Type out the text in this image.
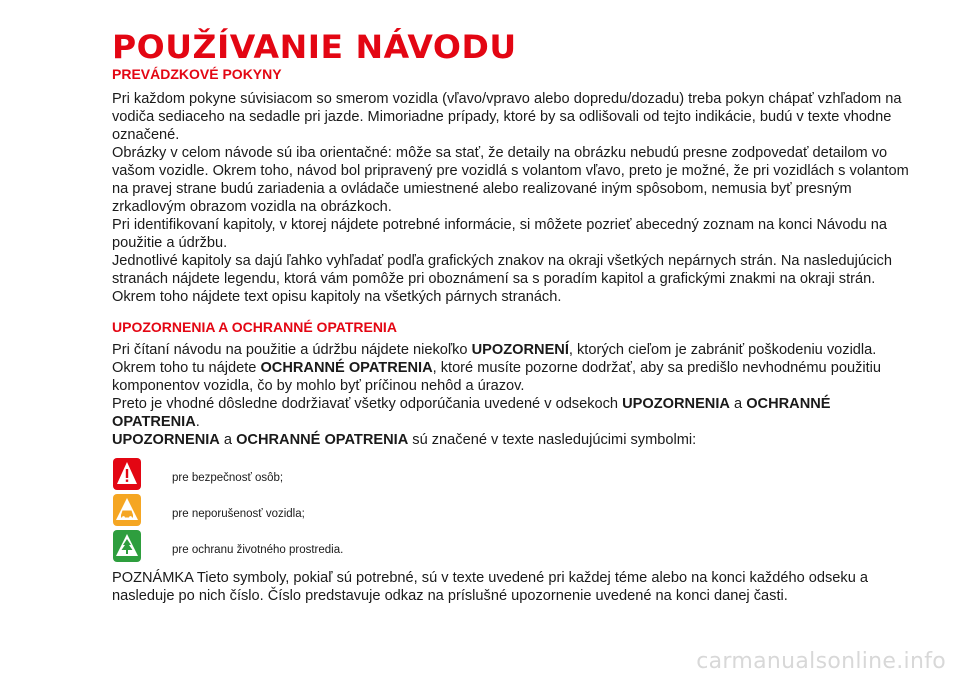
POUŽÍVANIE NÁVODU
PREVÁDZKOVÉ POKYNY

Pri každom pokyne súvisiacom so smerom vozidla (vľavo/vpravo alebo dopredu/dozadu) treba pokyn chápať vzhľadom na vodiča sediaceho na sedadle pri jazde. Mimoriadne prípady, ktoré by sa odlišovali od tejto indikácie, budú v texte vhodne označené.

Obrázky v celom návode sú iba orientačné: môže sa stať, že detaily na obrázku nebudú presne zodpovedať detailom vo vašom vozidle. Okrem toho, návod bol pripravený pre vozidlá s volantom vľavo, preto je možné, že pri vozidlách s volantom na pravej strane budú zariadenia a ovládače umiestnené alebo realizované iným spôsobom, nemusia byť presným zrkadlovým obrazom vozidla na obrázkoch.

Pri identifikovaní kapitoly, v ktorej nájdete potrebné informácie, si môžete pozrieť abecedný zoznam na konci Návodu na použitie a údržbu.

Jednotlivé kapitoly sa dajú ľahko vyhľadať podľa grafických znakov na okraji všetkých nepárnych strán. Na nasledujúcich stranách nájdete legendu, ktorá vám pomôže pri oboznámení sa s poradím kapitol a grafickými znakmi na okraji strán. Okrem toho nájdete text opisu kapitoly na všetkých párnych stranách.

UPOZORNENIA A OCHRANNÉ OPATRENIA

Pri čítaní návodu na použitie a údržbu nájdete niekoľko UPOZORNENÍ, ktorých cieľom je zabrániť poškodeniu vozidla.

Okrem toho tu nájdete OCHRANNÉ OPATRENIA, ktoré musíte pozorne dodržať, aby sa predišlo nevhodnému použitiu komponentov vozidla, čo by mohlo byť príčinou nehôd a úrazov.

Preto je vhodné dôsledne dodržiavať všetky odporúčania uvedené v odsekoch UPOZORNENIA a OCHRANNÉ OPATRENIA.

UPOZORNENIA a OCHRANNÉ OPATRENIA sú značené v texte nasledujúcimi symbolmi:

pre bezpečnosť osôb;
pre neporušenosť vozidla;
pre ochranu životného prostredia.

POZNÁMKA Tieto symboly, pokiaľ sú potrebné, sú v texte uvedené pri každej téme alebo na konci každého odseku a nasleduje po nich číslo. Číslo predstavuje odkaz na príslušné upozornenie uvedené na konci danej časti.

carmanualsonline.info
